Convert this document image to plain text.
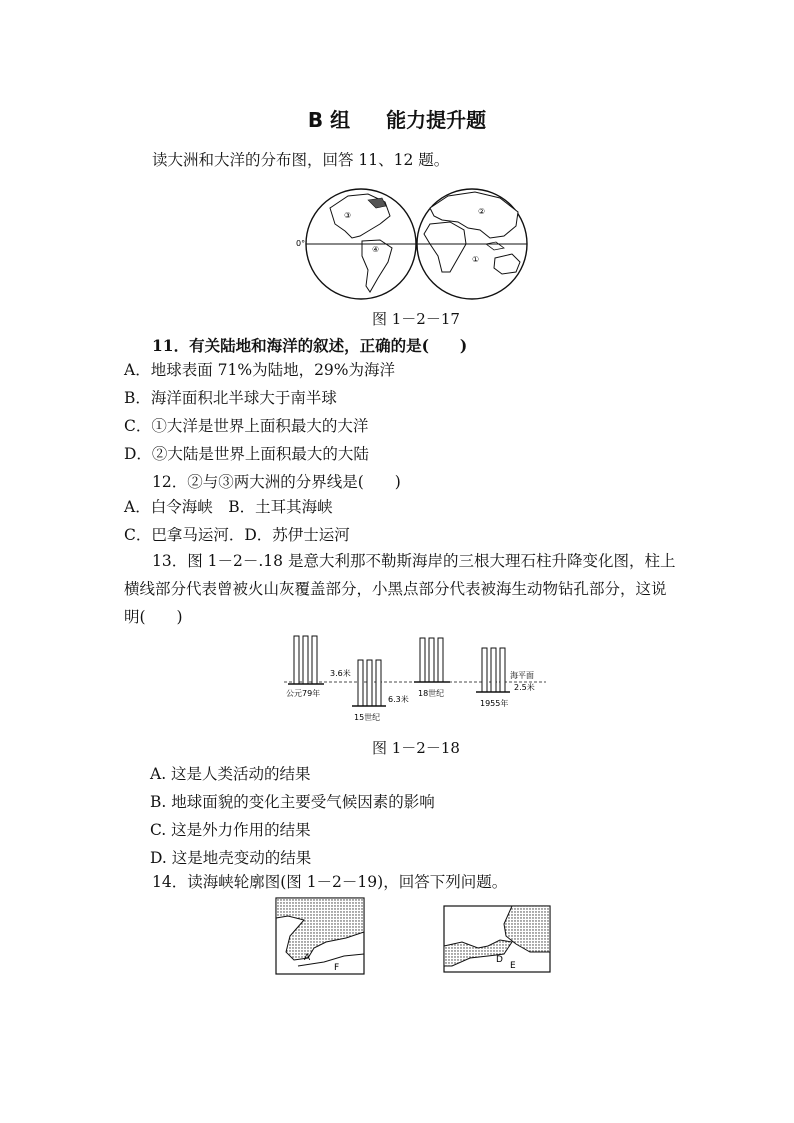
B 组 能力提升题
读大洲和大洋的分布图，回答 11、12 题。
0°
③
④
②
①
图 1－2－17
11．有关陆地和海洋的叙述，正确的是(　　)
A．地球表面 71%为陆地，29%为海洋
B．海洋面积北半球大于南半球
C．①大洋是世界上面积最大的大洋
D．②大陆是世界上面积最大的大陆
12．②与③两大洲的分界线是(　　)
A．白令海峡　B．土耳其海峡
C．巴拿马运河．D．苏伊士运河
13．图 1－2－.18 是意大利那不勒斯海岸的三根大理石柱升降变化图，柱上
横线部分代表曾被火山灰覆盖部分，小黑点部分代表被海生动物钻孔部分，这说
明(　　)
3.6米
公元79年
6.3米
15世纪
18世纪
海平面
2.5米
1955年
图 1－2－18
A. 这是人类活动的结果
B. 地球面貌的变化主要受气候因素的影响
C. 这是外力作用的结果
D. 这是地壳变动的结果
14．读海峡轮廓图(图 1－2－19)，回答下列问题。
A
F
D
E
